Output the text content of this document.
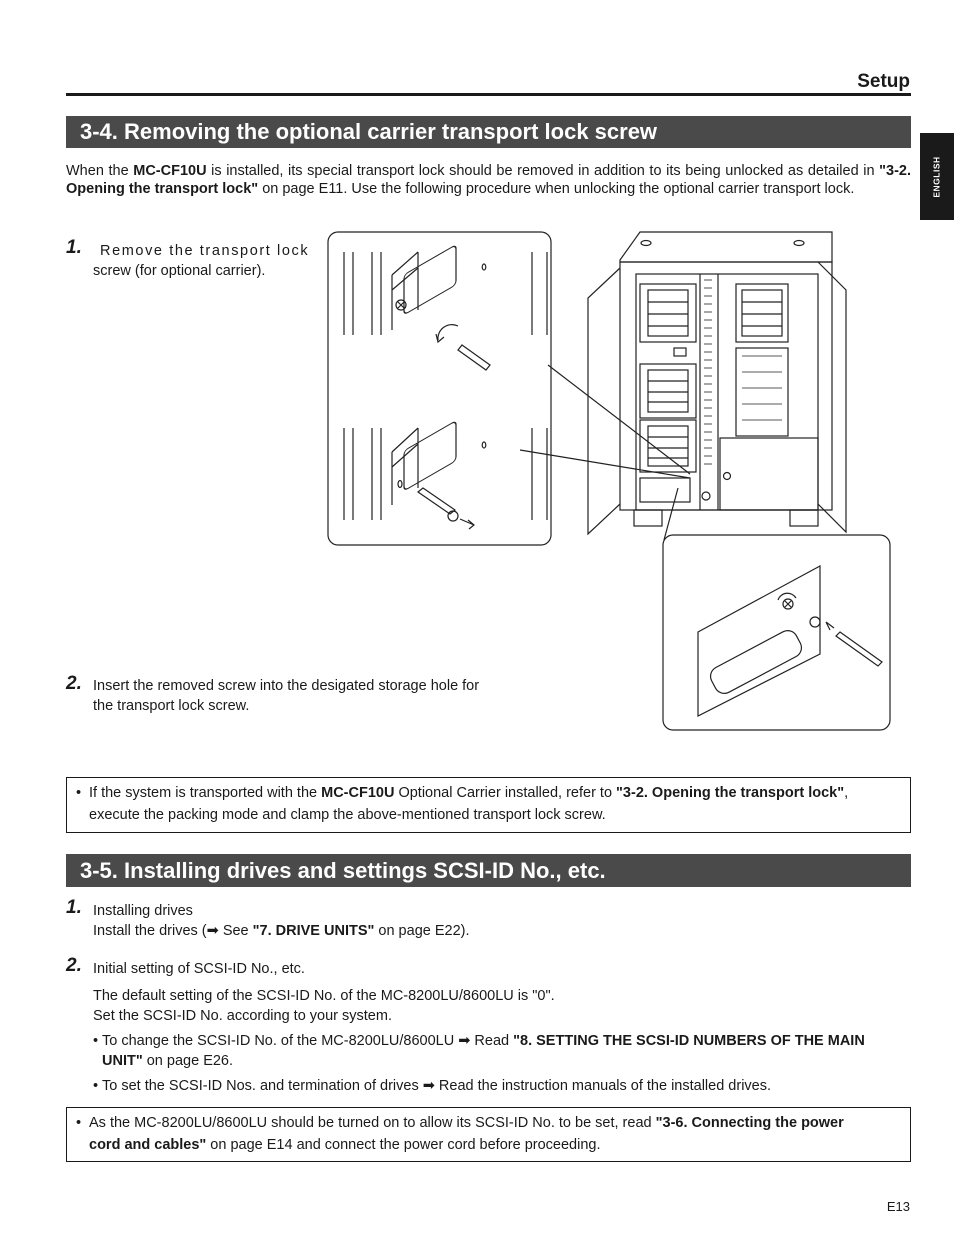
Setup
ENGLISH
3-4. Removing the optional carrier transport lock screw
When the MC-CF10U is installed, its special transport lock should be removed in addition to its being unlocked as detailed in "3-2. Opening the transport lock" on page E11. Use the following procedure when unlocking the optional carrier transport lock.
1. Remove the transport lock
screw (for optional carrier).
2. Insert the removed screw into the desigated storage hole for
the transport lock screw.
• If the system is transported with the MC-CF10U Optional Carrier installed, refer to "3-2. Opening the transport lock",
execute the packing mode and clamp the above-mentioned transport lock screw.
3-5. Installing drives and settings SCSI-ID No., etc.
1. Installing drives
Install the drives (➡ See "7. DRIVE UNITS" on page E22).
2. Initial setting of SCSI-ID No., etc.
The default setting of the SCSI-ID No. of the MC-8200LU/8600LU is "0".
Set the SCSI-ID No. according to your system.
• To change the SCSI-ID No. of the MC-8200LU/8600LU ➡ Read "8. SETTING THE SCSI-ID NUMBERS OF THE MAIN
UNIT" on page E26.
• To set the SCSI-ID Nos. and termination of drives ➡ Read the instruction manuals of the installed drives.
• As the MC-8200LU/8600LU should be turned on to allow its SCSI-ID No. to be set, read "3-6. Connecting the power
cord and cables" on page E14 and connect the power cord before proceeding.
E13
